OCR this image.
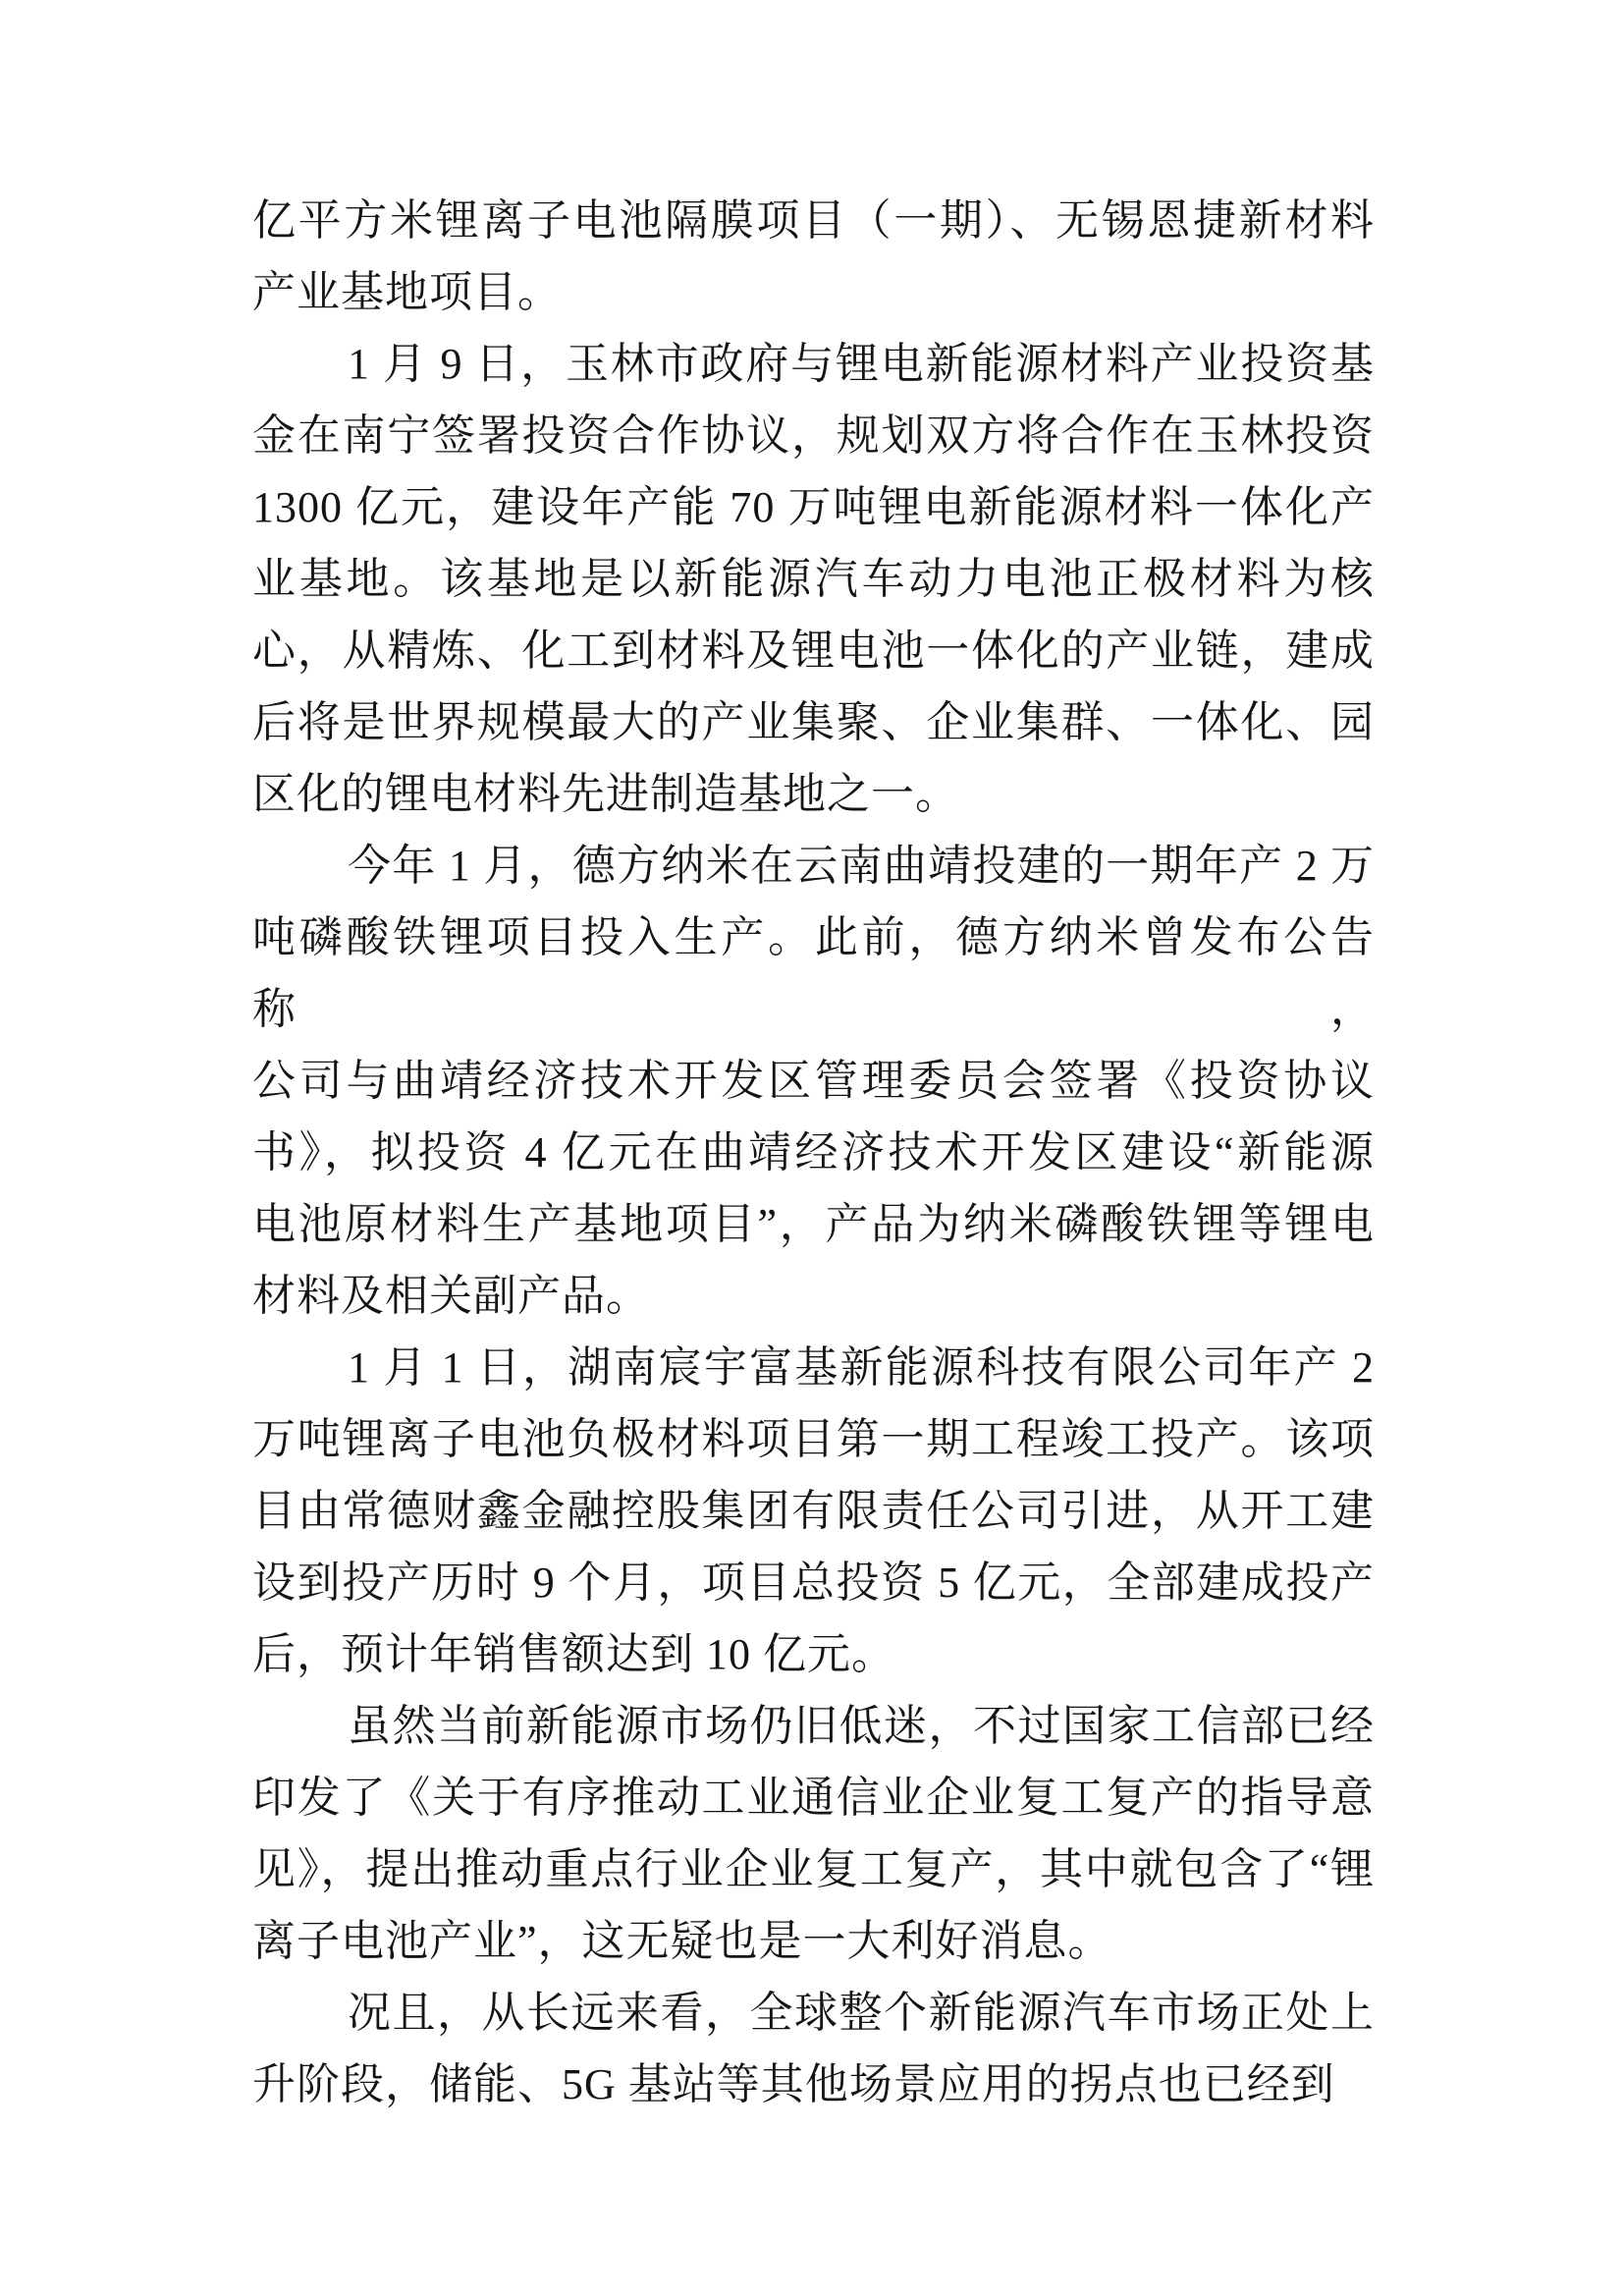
亿平方米锂离子电池隔膜项目（一期）、无锡恩捷新材料
产业基地项目。
1 月 9 日，玉林市政府与锂电新能源材料产业投资基
金在南宁签署投资合作协议，规划双方将合作在玉林投资
1300 亿元，建设年产能 70 万吨锂电新能源材料一体化产
业基地。该基地是以新能源汽车动力电池正极材料为核
心，从精炼、化工到材料及锂电池一体化的产业链，建成
后将是世界规模最大的产业集聚、企业集群、一体化、园
区化的锂电材料先进制造基地之一。
今年 1 月，德方纳米在云南曲靖投建的一期年产 2 万
吨磷酸铁锂项目投入生产。此前，德方纳米曾发布公告称，
公司与曲靖经济技术开发区管理委员会签署《投资协议
书》，拟投资 4 亿元在曲靖经济技术开发区建设“新能源
电池原材料生产基地项目”，产品为纳米磷酸铁锂等锂电
材料及相关副产品。
1 月 1 日，湖南宸宇富基新能源科技有限公司年产 2
万吨锂离子电池负极材料项目第一期工程竣工投产。该项
目由常德财鑫金融控股集团有限责任公司引进，从开工建
设到投产历时 9 个月，项目总投资 5 亿元，全部建成投产
后，预计年销售额达到 10 亿元。
虽然当前新能源市场仍旧低迷，不过国家工信部已经
印发了《关于有序推动工业通信业企业复工复产的指导意
见》，提出推动重点行业企业复工复产，其中就包含了“锂
离子电池产业”，这无疑也是一大利好消息。
况且，从长远来看，全球整个新能源汽车市场正处上
升阶段，储能、5G 基站等其他场景应用的拐点也已经到
